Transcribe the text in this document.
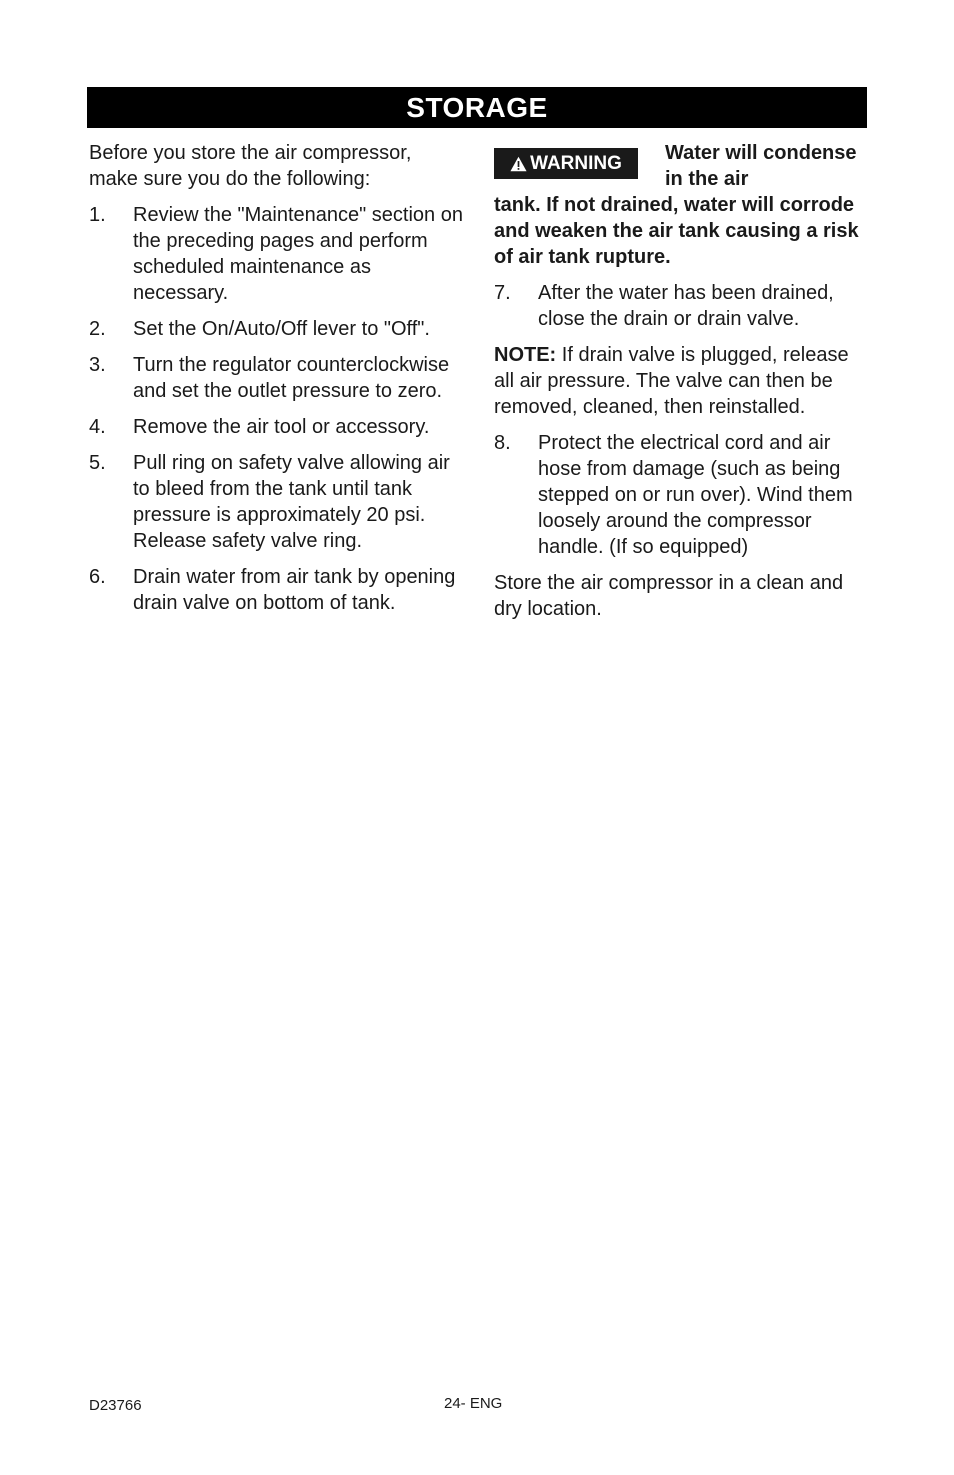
STORAGE

Before you store the air compressor, make sure you do the following:

1.	Review the "Maintenance" section on the preceding pages and perform scheduled maintenance as necessary.
2.	Set the On/Auto/Off lever to "Off".
3.	Turn the regulator counterclockwise and set the outlet pressure to zero.
4.	Remove the air tool or accessory.
5.	Pull ring on safety valve allowing air to bleed from the tank until tank pressure is approximately 20 psi. Release safety valve ring.
6.	Drain water from air tank by opening drain valve on bottom of tank.
WARNING Water will condense in the air
tank. If not drained, water will corrode and weaken the air tank causing a risk of air tank rupture.
7.	After the water has been drained, close the drain or drain valve.

NOTE: If drain valve is plugged, release all air pressure. The valve can then be removed, cleaned, then reinstalled.

8.	Protect the electrical cord and air hose from damage (such as being stepped on or run over). Wind them loosely around the compressor handle. (If so equipped)

Store the air compressor in a clean and dry location.

D23766	24- ENG
